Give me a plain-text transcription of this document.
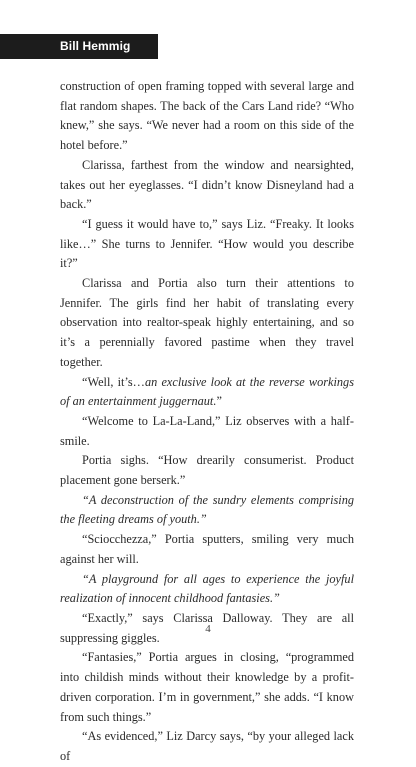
Bill Hemmig

construction of open framing topped with several large and flat random shapes. The back of the Cars Land ride? “Who knew,” she says. “We never had a room on this side of the hotel before.”

Clarissa, farthest from the window and nearsighted, takes out her eyeglasses. “I didn’t know Disneyland had a back.”

“I guess it would have to,” says Liz. “Freaky. It looks like…” She turns to Jennifer. “How would you describe it?”

Clarissa and Portia also turn their attentions to Jennifer. The girls find her habit of translating every observation into realtor-speak highly entertaining, and so it’s a perennially favored pastime when they travel together.

“Well, it’s…an exclusive look at the reverse workings of an entertainment juggernaut.”

“Welcome to La-La-Land,” Liz observes with a half-smile.

Portia sighs. “How drearily consumerist. Product placement gone berserk.”

“A deconstruction of the sundry elements comprising the fleeting dreams of youth.”

“Sciocchezza,” Portia sputters, smiling very much against her will.

“A playground for all ages to experience the joyful realization of innocent childhood fantasies.”

“Exactly,” says Clarissa Dalloway. They are all suppressing giggles.

“Fantasies,” Portia argues in closing, “programmed into childish minds without their knowledge by a profit-driven corporation. I’m in government,” she adds. “I know from such things.”

“As evidenced,” Liz Darcy says, “by your alleged lack of

4
